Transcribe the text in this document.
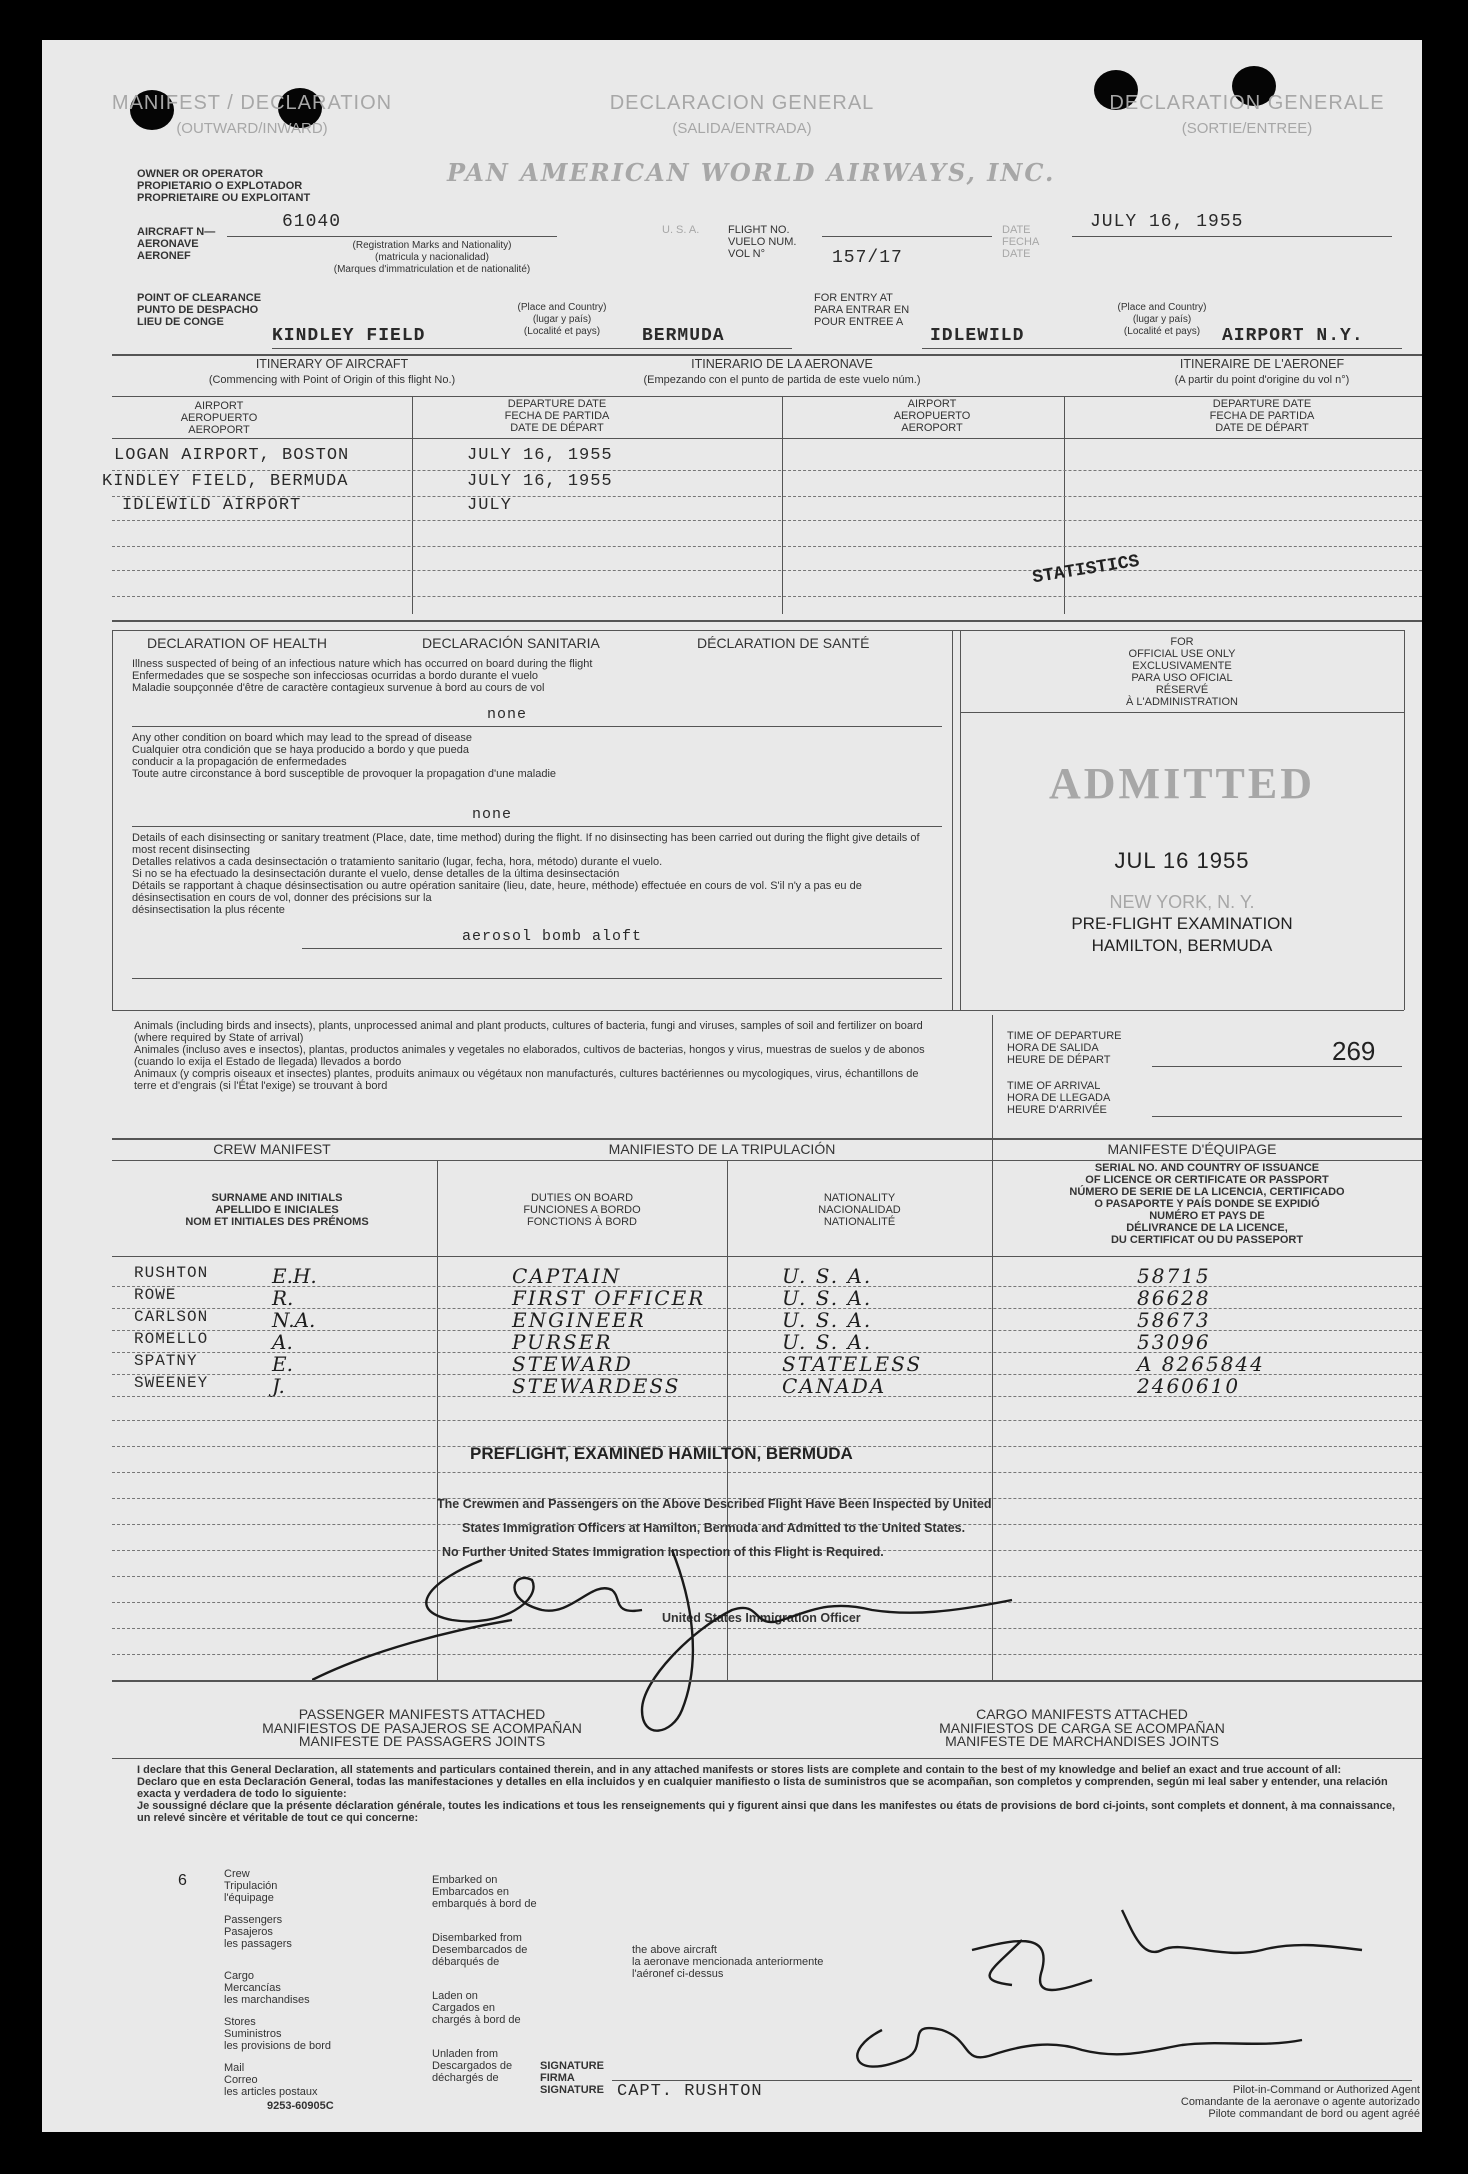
MANIFEST / DECLARATION
(OUTWARD/INWARD)
DECLARACION GENERAL
(SALIDA/ENTRADA)
DECLARATION GENERALE
(SORTIE/ENTREE)
OWNER OR OPERATOR
PROPIETARIO O EXPLOTADOR
PROPRIETAIRE OU EXPLOITANT
PAN AMERICAN WORLD AIRWAYS, INC.
AIRCRAFT N—
AERONAVE
AERONEF
61040
(Registration Marks and Nationality)
(matricula y nacionalidad)
(Marques d'immatriculation et de nationalité)
U. S. A.	FLIGHT NO.
VUELO NUM.
VOL N°	157/17
DATE
FECHA
DATE
JULY 16, 1955
POINT OF CLEARANCE
PUNTO DE DESPACHO
LIEU DE CONGE
(Place and Country)
(lugar y país)
(Localité et pays)
KINDLEY FIELD	BERMUDA
FOR ENTRY AT
PARA ENTRAR EN
POUR ENTREE A
(Place and Country)
(lugar y país)
(Localité et pays)
IDLEWILD	AIRPORT N.Y.
ITINERARY OF AIRCRAFT
(Commencing with Point of Origin of this flight No.)
ITINERARIO DE LA AERONAVE
(Empezando con el punto de partida de este vuelo núm.)
ITINERAIRE DE L'AERONEF
(A partir du point d'origine du vol n°)
AIRPORT
AEROPUERTO
AEROPORT
DEPARTURE DATE
FECHA DE PARTIDA
DATE DE DÉPART
AIRPORT
AEROPUERTO
AEROPORT
DEPARTURE DATE
FECHA DE PARTIDA
DATE DE DÉPART
LOGAN AIRPORT, BOSTON	JULY 16, 1955
KINDLEY FIELD, BERMUDA	JULY 16, 1955
IDLEWILD AIRPORT	JULY
STATISTICS
DECLARATION OF HEALTH	DECLARACIÓN SANITARIA	DÉCLARATION DE SANTÉ
Illness suspected of being of an infectious nature which has occurred on board during the flight
Enfermedades que se sospeche son infecciosas ocurridas a bordo durante el vuelo
Maladie soupçonnée d'être de caractère contagieux survenue à bord au cours de vol
none
Any other condition on board which may lead to the spread of disease
Cualquier otra condición que se haya producido a bordo y que pueda
conducir a la propagación de enfermedades
Toute autre circonstance à bord susceptible de provoquer la propagation d'une maladie
none
Details of each disinsecting or sanitary treatment (Place, date, time method) during the flight. If no disinsecting has been carried out during the flight give details of most recent disinsecting
Detalles relativos a cada desinsectación o tratamiento sanitario (lugar, fecha, hora, método) durante el vuelo.
Si no se ha efectuado la desinsectación durante el vuelo, dense detalles de la última desinsectación
Détails se rapportant à chaque désinsectisation ou autre opération sanitaire (lieu, date, heure, méthode) effectuée en cours de vol. S'il n'y a pas eu de désinsectisation en cours de vol, donner des précisions sur la
désinsectisation la plus récente
aerosol bomb aloft
FOR
OFFICIAL USE ONLY
EXCLUSIVAMENTE
PARA USO OFICIAL
RÉSERVÉ
À L'ADMINISTRATION
ADMITTED
JUL 16 1955
NEW YORK, N. Y.
PRE-FLIGHT EXAMINATION
HAMILTON, BERMUDA
Animals (including birds and insects), plants, unprocessed animal and plant products, cultures of bacteria, fungi and viruses, samples of soil and fertilizer on board (where required by State of arrival)
Animales (incluso aves e insectos), plantas, productos animales y vegetales no elaborados, cultivos de bacterias, hongos y virus, muestras de suelos y de abonos (cuando lo exija el Estado de llegada) llevados a bordo
Animaux (y compris oiseaux et insectes) plantes, produits animaux ou végétaux non manufacturés, cultures bactériennes ou mycologiques, virus, échantillons de terre et d'engrais (si l'État l'exige) se trouvant à bord
TIME OF DEPARTURE
HORA DE SALIDA
HEURE DE DÉPART	269
TIME OF ARRIVAL
HORA DE LLEGADA
HEURE D'ARRIVÉE
CREW MANIFEST	MANIFIESTO DE LA TRIPULACIÓN	MANIFESTE D'ÉQUIPAGE
SURNAME AND INITIALS
APELLIDO E INICIALES
NOM ET INITIALES DES PRÉNOMS
DUTIES ON BOARD
FUNCIONES A BORDO
FONCTIONS À BORD
NATIONALITY
NACIONALIDAD
NATIONALITÉ
SERIAL NO. AND COUNTRY OF ISSUANCE
OF LICENCE OR CERTIFICATE OR PASSPORT
NÚMERO DE SERIE DE LA LICENCIA, CERTIFICADO
O PASAPORTE Y PAÍS DONDE SE EXPIDIÓ
NUMÉRO ET PAYS DE
DÉLIVRANCE DE LA LICENCE,
DU CERTIFICAT OU DU PASSEPORT
RUSHTON	E.H.	CAPTAIN	U. S. A.	58715
ROWE	R.	FIRST OFFICER	U. S. A.	86628
CARLSON	N.A.	ENGINEER	U. S. A.	58673
ROMELLO	A.	PURSER	U. S. A.	53096
SPATNY	E.	STEWARD	STATELESS	A 8265844
SWEENEY	J.	STEWARDESS	CANADA	2460610
PREFLIGHT, EXAMINED HAMILTON, BERMUDA
The Crewmen and Passengers on the Above Described Flight Have Been Inspected by United
States Immigration Officers at Hamilton, Bermuda and Admitted to the United States.
No Further United States Immigration Inspection of this Flight is Required.
United States Immigration Officer
PASSENGER MANIFESTS ATTACHED
MANIFIESTOS DE PASAJEROS SE ACOMPAÑAN
MANIFESTE DE PASSAGERS JOINTS
CARGO MANIFESTS ATTACHED
MANIFIESTOS DE CARGA SE ACOMPAÑAN
MANIFESTE DE MARCHANDISES JOINTS
I declare that this General Declaration, all statements and particulars contained therein, and in any attached manifests or stores lists are complete and contain to the best of my knowledge and belief an exact and true account of all:
Declaro que en esta Declaración General, todas las manifestaciones y detalles en ella incluidos y en cualquier manifiesto o lista de suministros que se acompañan, son completos y comprenden, según mi leal saber y entender, una relación exacta y verdadera de todo lo siguiente:
Je soussigné déclare que la présente déclaration générale, toutes les indications et tous les renseignements qui y figurent ainsi que dans les manifestes ou états de provisions de bord ci-joints, sont complets et donnent, à ma connaissance, un relevé sincère et véritable de tout ce qui concerne:
6	Crew
Tripulación
l'équipage
Passengers
Pasajeros
les passagers
Cargo
Mercancías
les marchandises
Stores
Suministros
les provisions de bord
Mail
Correo
les articles postaux
Embarked on
Embarcados en
embarqués à bord de
Disembarked from
Desembarcados de
débarqués de
Laden on
Cargados en
chargés à bord de
Unladen from
Descargados de
déchargés de
the above aircraft
la aeronave mencionada anteriormente
l'aéronef ci-dessus
SIGNATURE
FIRMA
SIGNATURE CAPT. RUSHTON	Pilot-in-Command or Authorized Agent
Comandante de la aeronave o agente autorizado
Pilote commandant de bord ou agent agréé
9253-60905C
